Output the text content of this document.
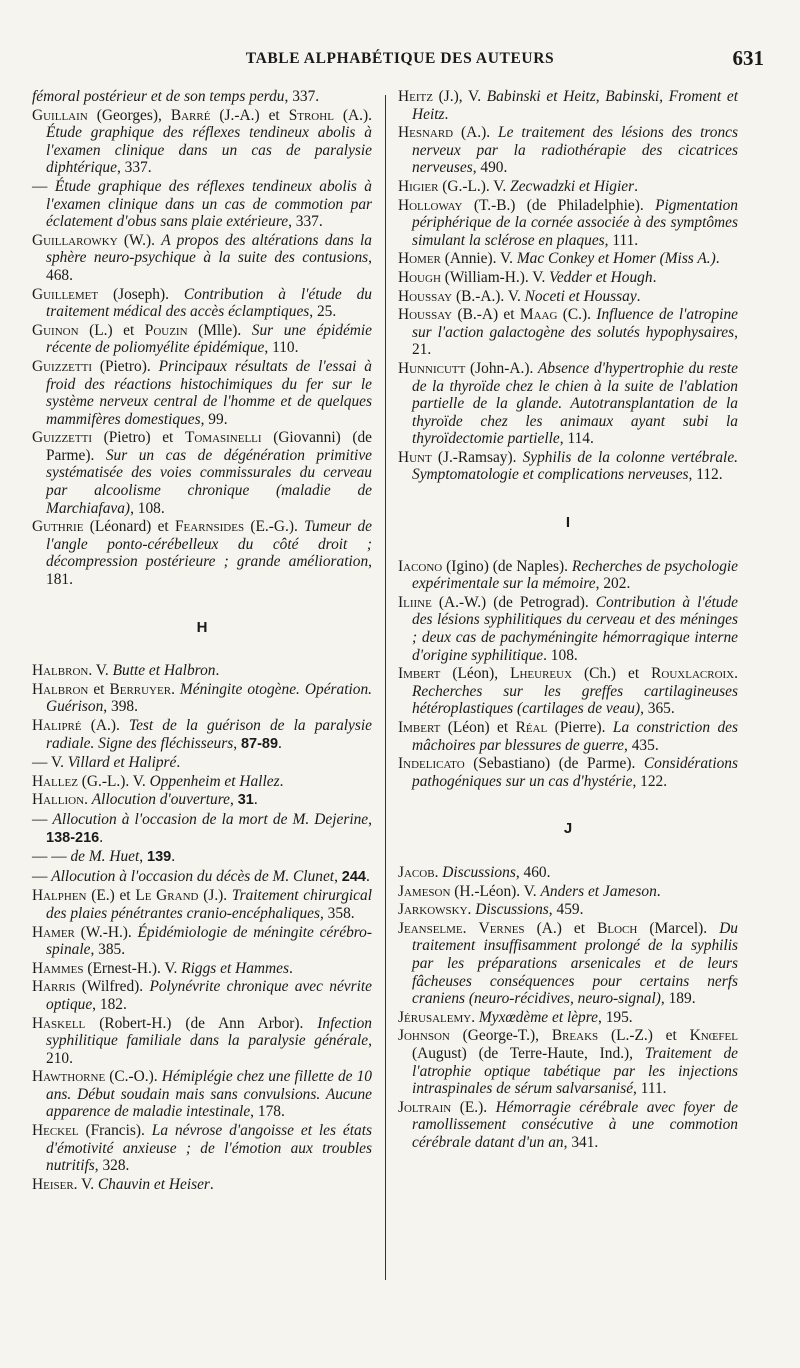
TABLE ALPHABÉTIQUE DES AUTEURS	631

fémoral postérieur et de son temps perdu, 337.

Guillain (Georges), Barré (J.-A.) et Strohl (A.). Étude graphique des réflexes tendineux abolis à l'examen clinique dans un cas de paralysie diphtérique, 337.

— Étude graphique des réflexes tendineux abolis à l'examen clinique dans un cas de commotion par éclatement d'obus sans plaie extérieure, 337.

Guillarowky (W.). A propos des altérations dans la sphère neuro-psychique à la suite des contusions, 468.

Guillemet (Joseph). Contribution à l'étude du traitement médical des accès éclamptiques, 25.

Guinon (L.) et Pouzin (Mlle). Sur une épidémie récente de poliomyélite épidémique, 110.

Guizzetti (Pietro). Principaux résultats de l'essai à froid des réactions histochimiques du fer sur le système nerveux central de l'homme et de quelques mammifères domestiques, 99.

Guizzetti (Pietro) et Tomasinelli (Giovanni) (de Parme). Sur un cas de dégénération primitive systématisée des voies commissurales du cerveau par alcoolisme chronique (maladie de Marchiafava), 108.

Guthrie (Léonard) et Fearnsides (E.-G.). Tumeur de l'angle ponto-cérébelleux du côté droit ; décompression postérieure ; grande amélioration, 181.

H

Halbron. V. Butte et Halbron.

Halbron et Berruyer. Méningite otogène. Opération. Guérison, 398.

Halipré (A.). Test de la guérison de la paralysie radiale. Signe des fléchisseurs, 87-89.

— V. Villard et Halipré.

Hallez (G.-L.). V. Oppenheim et Hallez.

Hallion. Allocution d'ouverture, 31.

— Allocution à l'occasion de la mort de M. Dejerine, 138-216.

— — de M. Huet, 139.

— Allocution à l'occasion du décès de M. Clunet, 244.

Halphen (E.) et Le Grand (J.). Traitement chirurgical des plaies pénétrantes cranio-encéphaliques, 358.

Hamer (W.-H.). Épidémiologie de méningite cérébro-spinale, 385.

Hammes (Ernest-H.). V. Riggs et Hammes.

Harris (Wilfred). Polynévrite chronique avec névrite optique, 182.

Haskell (Robert-H.) (de Ann Arbor). Infection syphilitique familiale dans la paralysie générale, 210.

Hawthorne (C.-O.). Hémiplégie chez une fillette de 10 ans. Début soudain mais sans convulsions. Aucune apparence de maladie intestinale, 178.

Heckel (Francis). La névrose d'angoisse et les états d'émotivité anxieuse ; de l'émotion aux troubles nutritifs, 328.

Heiser. V. Chauvin et Heiser.

Heitz (J.), V. Babinski et Heitz, Babinski, Froment et Heitz.

Hesnard (A.). Le traitement des lésions des troncs nerveux par la radiothérapie des cicatrices nerveuses, 490.

Higier (G.-L.). V. Zecwadzki et Higier.

Holloway (T.-B.) (de Philadelphie). Pigmentation périphérique de la cornée associée à des symptômes simulant la sclérose en plaques, 111.

Homer (Annie). V. Mac Conkey et Homer (Miss A.).

Hough (William-H.). V. Vedder et Hough.

Houssay (B.-A.). V. Noceti et Houssay.

Houssay (B.-A) et Maag (C.). Influence de l'atropine sur l'action galactogène des solutés hypophysaires, 21.

Hunnicutt (John-A.). Absence d'hypertrophie du reste de la thyroïde chez le chien à la suite de l'ablation partielle de la glande. Autotransplantation de la thyroïde chez les animaux ayant subi la thyroïdectomie partielle, 114.

Hunt (J.-Ramsay). Syphilis de la colonne vertébrale. Symptomatologie et complications nerveuses, 112.

I

Iacono (Igino) (de Naples). Recherches de psychologie expérimentale sur la mémoire, 202.

Iliine (A.-W.) (de Petrograd). Contribution à l'étude des lésions syphilitiques du cerveau et des méninges ; deux cas de pachyméningite hémorragique interne d'origine syphilitique. 108.

Imbert (Léon), Lheureux (Ch.) et Rouxlacroix. Recherches sur les greffes cartilagineuses hétéroplastiques (cartilages de veau), 365.

Imbert (Léon) et Réal (Pierre). La constriction des mâchoires par blessures de guerre, 435.

Indelicato (Sebastiano) (de Parme). Considérations pathogéniques sur un cas d'hystérie, 122.

J

Jacob. Discussions, 460.

Jameson (H.-Léon). V. Anders et Jameson.

Jarkowsky. Discussions, 459.

Jeanselme. Vernes (A.) et Bloch (Marcel). Du traitement insuffisamment prolongé de la syphilis par les préparations arsenicales et de leurs fâcheuses conséquences pour certains nerfs craniens (neuro-récidives, neuro-signal), 189.

Jérusalemy. Myxœdème et lèpre, 195.

Johnson (George-T.), Breaks (L.-Z.) et Knœfel (August) (de Terre-Haute, Ind.), Traitement de l'atrophie optique tabétique par les injections intraspinales de sérum salvarsanisé, 111.

Joltrain (E.). Hémorragie cérébrale avec foyer de ramollissement consécutive à une commotion cérébrale datant d'un an, 341.
